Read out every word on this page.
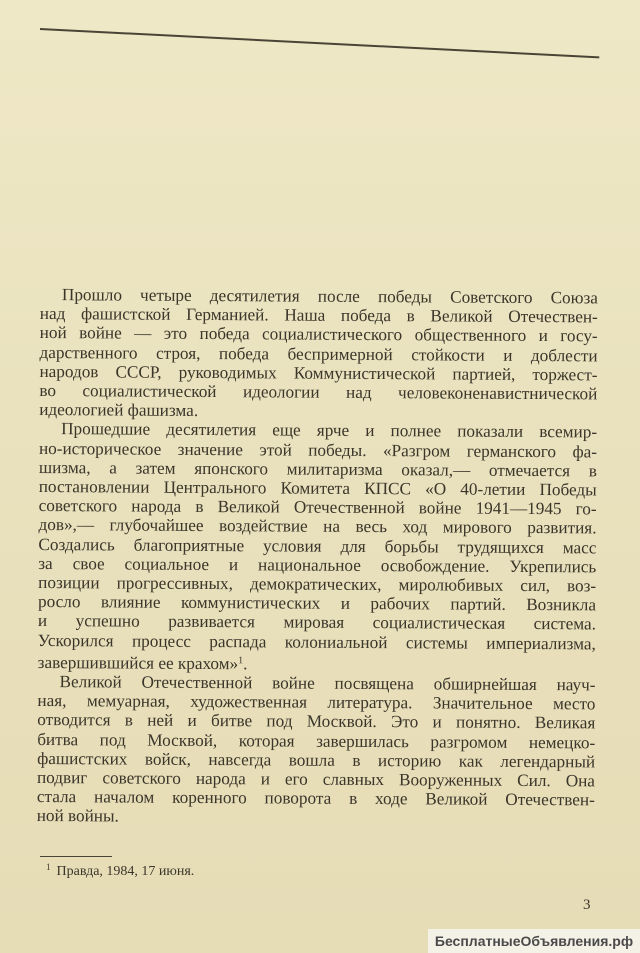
Прошло четыре десятилетия после победы Советского Союза
над фашистской Германией. Наша победа в Великой Отечествен-
ной войне — это победа социалистического общественного и госу-
дарственного строя, победа беспримерной стойкости и доблести
народов СССР, руководимых Коммунистической партией, торжест-
во социалистической идеологии над человеконенавистнической
идеологией фашизма.

Прошедшие десятилетия еще ярче и полнее показали всемир-
но-историческое значение этой победы. «Разгром германского фа-
шизма, а затем японского милитаризма оказал,— отмечается в
постановлении Центрального Комитета КПСС «О 40-летии Победы
советского народа в Великой Отечественной войне 1941—1945 го-
дов»,— глубочайшее воздействие на весь ход мирового развития.
Создались благоприятные условия для борьбы трудящихся масс
за свое социальное и национальное освобождение. Укрепились
позиции прогрессивных, демократических, миролюбивых сил, воз-
росло влияние коммунистических и рабочих партий. Возникла
и успешно развивается мировая социалистическая система.
Ускорился процесс распада колониальной системы империализма,
завершившийся ее крахом»$^1$.

Великой Отечественной войне посвящена обширнейшая науч-
ная, мемуарная, художественная литература. Значительное место
отводится в ней и битве под Москвой. Это и понятно. Великая
битва под Москвой, которая завершилась разгромом немецко-
фашистских войск, навсегда вошла в историю как легендарный
подвиг советского народа и его славных Вооруженных Сил. Она
стала началом коренного поворота в ходе Великой Отечествен-
ной войны.

$^1$ Правда, 1984, 17 июня.
3
БесплатныеОбъявления.рф
